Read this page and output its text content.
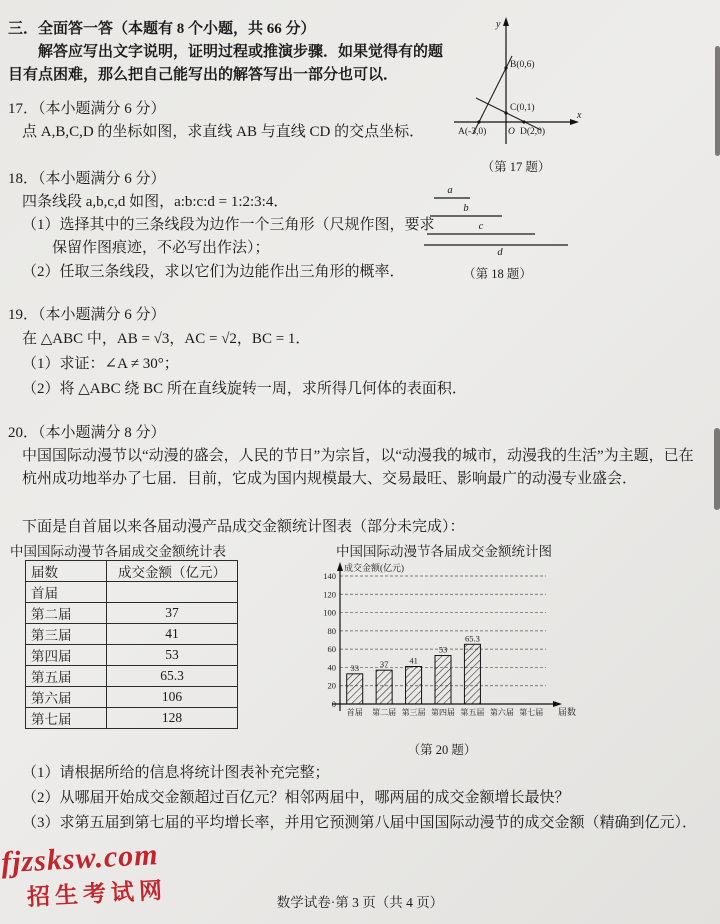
三．全面答一答（本题有 8 个小题，共 66 分）
解答应写出文字说明，证明过程或推演步骤．如果觉得有的题目有点困难，那么把自己能写出的解答写出一部分也可以．
y
x
B(0,6)
C(0,1)
A(-3,0) O D(2,0)
（第 17 题）
17．（本小题满分 6 分）
点 A,B,C,D 的坐标如图，求直线 AB 与直线 CD 的交点坐标．
18．（本小题满分 6 分）
四条线段 a,b,c,d 如图，a:b:c:d = 1:2:3:4．
（1）选择其中的三条线段为边作一个三角形（尺规作图，要求保留作图痕迹，不必写出作法）；
（2）任取三条线段，求以它们为边能作出三角形的概率．
a
b
c
d
（第 18 题）
19．（本小题满分 6 分）
在 △ABC 中，AB = √3，AC = √2，BC = 1．
（1）求证：∠A ≠ 30°；
（2）将 △ABC 绕 BC 所在直线旋转一周，求所得几何体的表面积．
20．（本小题满分 8 分）
中国国际动漫节以“动漫的盛会，人民的节日”为宗旨，以“动漫我的城市，动漫我的生活”为主题，已在杭州成功地举办了七届．目前，它成为国内规模最大、交易最旺、影响最广的动漫专业盛会．
下面是自首届以来各届动漫产品成交金额统计图表（部分未完成）：
中国国际动漫节各届成交金额统计表
届数	成交金额（亿元）
首届	
第二届	37
第三届	41
第四届	53
第五届	65.3
第六届	106
第七届	128
中国国际动漫节各届成交金额统计图
0
20
40
60
80
100
120
140
成交金额(亿元)
33
首届
37
第二届
41
第三届
53
第四届
65.3
第五届 第六届 第七届 届数
（第 20 题）
（1）请根据所给的信息将统计图表补充完整；
（2）从哪届开始成交金额超过百亿元？相邻两届中，哪两届的成交金额增长最快？
（3）求第五届到第七届的平均增长率，并用它预测第八届中国国际动漫节的成交金额（精确到亿元）．
fjzsksw.com
招生考试网	数学试卷·第 3 页（共 4 页）
